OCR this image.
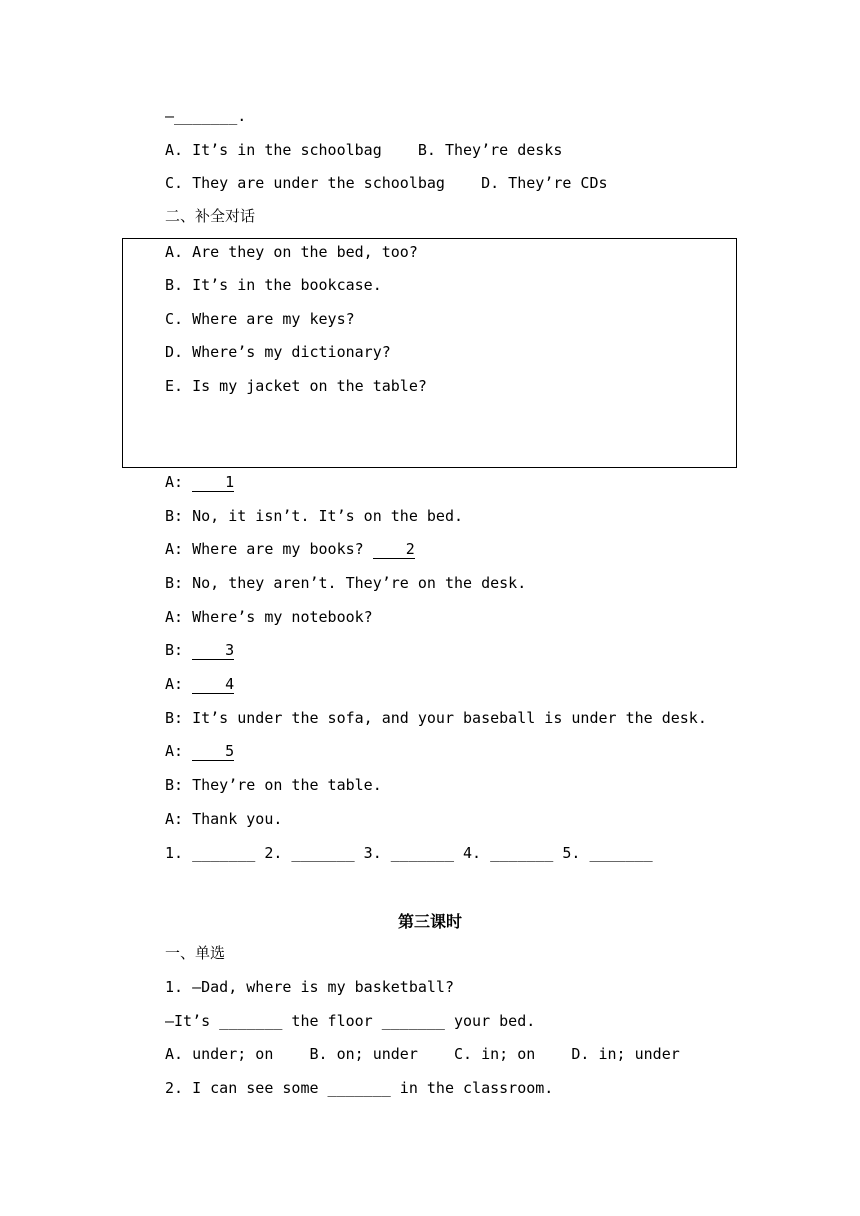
—_______.
A. It’s in the schoolbag    B. They’re desks
C. They are under the schoolbag    D. They’re CDs
二、补全对话
A. Are they on the bed, too?
B. It’s in the bookcase.
C. Where are my keys?
D. Where’s my dictionary?
E. Is my jacket on the table?
A: 1
B: No, it isn’t. It’s on the bed.
A: Where are my books? 2
B: No, they aren’t. They’re on the desk.
A: Where’s my notebook?
B: 3
A: 4
B: It’s under the sofa, and your baseball is under the desk.
A: 5
B: They’re on the table.
A: Thank you.
1. _______ 2. _______ 3. _______ 4. _______ 5. _______
第三课时
一、单选
1. —Dad, where is my basketball?
—It’s _______ the floor _______ your bed.
A. under; on    B. on; under    C. in; on    D. in; under
2. I can see some _______ in the classroom.
